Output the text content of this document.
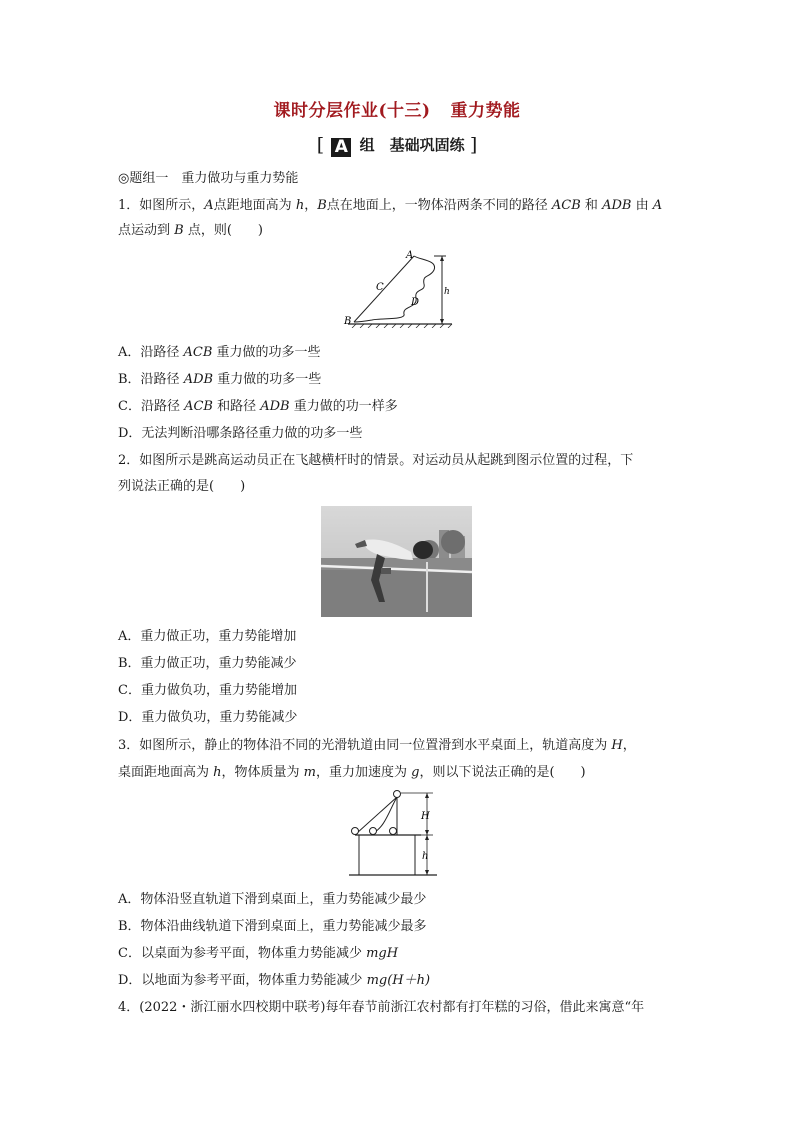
课时分层作业(十三) 重力势能
[ A 组　基础巩固练 ]
◎题组一　重力做功与重力势能
1．如图所示，A点距地面高为 h，B点在地面上，一物体沿两条不同的路径 ACB 和 ADB 由 A
点运动到 B 点，则(　　)
A
B
C
D
h
A．沿路径 ACB 重力做的功多一些
B．沿路径 ADB 重力做的功多一些
C．沿路径 ACB 和路径 ADB 重力做的功一样多
D．无法判断沿哪条路径重力做的功多一些
2．如图所示是跳高运动员正在飞越横杆时的情景。对运动员从起跳到图示位置的过程，下
列说法正确的是(　　)
A．重力做正功，重力势能增加
B．重力做正功，重力势能减少
C．重力做负功，重力势能增加
D．重力做负功，重力势能减少
3．如图所示，静止的物体沿不同的光滑轨道由同一位置滑到水平桌面上，轨道高度为 H，
桌面距地面高为 h，物体质量为 m，重力加速度为 g，则以下说法正确的是(　　)
H
h
A．物体沿竖直轨道下滑到桌面上，重力势能减少最少
B．物体沿曲线轨道下滑到桌面上，重力势能减少最多
C．以桌面为参考平面，物体重力势能减少 mgH
D．以地面为参考平面，物体重力势能减少 mg(H＋h)
4．(2022・浙江丽水四校期中联考)每年春节前浙江农村都有打年糕的习俗，借此来寓意“年
